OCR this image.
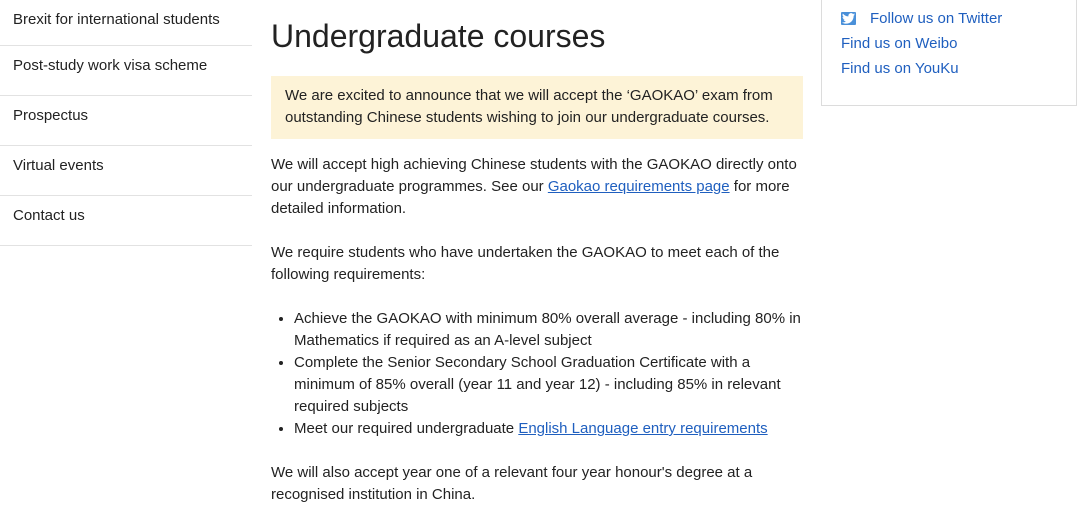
Brexit for international students
Post-study work visa scheme
Prospectus
Virtual events
Contact us
Undergraduate courses
We are excited to announce that we will accept the ‘GAOKAO’ exam from outstanding Chinese students wishing to join our undergraduate courses.

We will accept high achieving Chinese students with the GAOKAO directly onto our undergraduate programmes. See our Gaokao requirements page for more detailed information.

We require students who have undertaken the GAOKAO to meet each of the following requirements:

• Achieve the GAOKAO with minimum 80% overall average - including 80% in Mathematics if required as an A-level subject
• Complete the Senior Secondary School Graduation Certificate with a minimum of 85% overall (year 11 and year 12) - including 85% in relevant required subjects
• Meet our required undergraduate English Language entry requirements

We will also accept year one of a relevant four year honour's degree at a recognised institution in China.

Follow us on Twitter
Find us on Weibo
Find us on YouKu
